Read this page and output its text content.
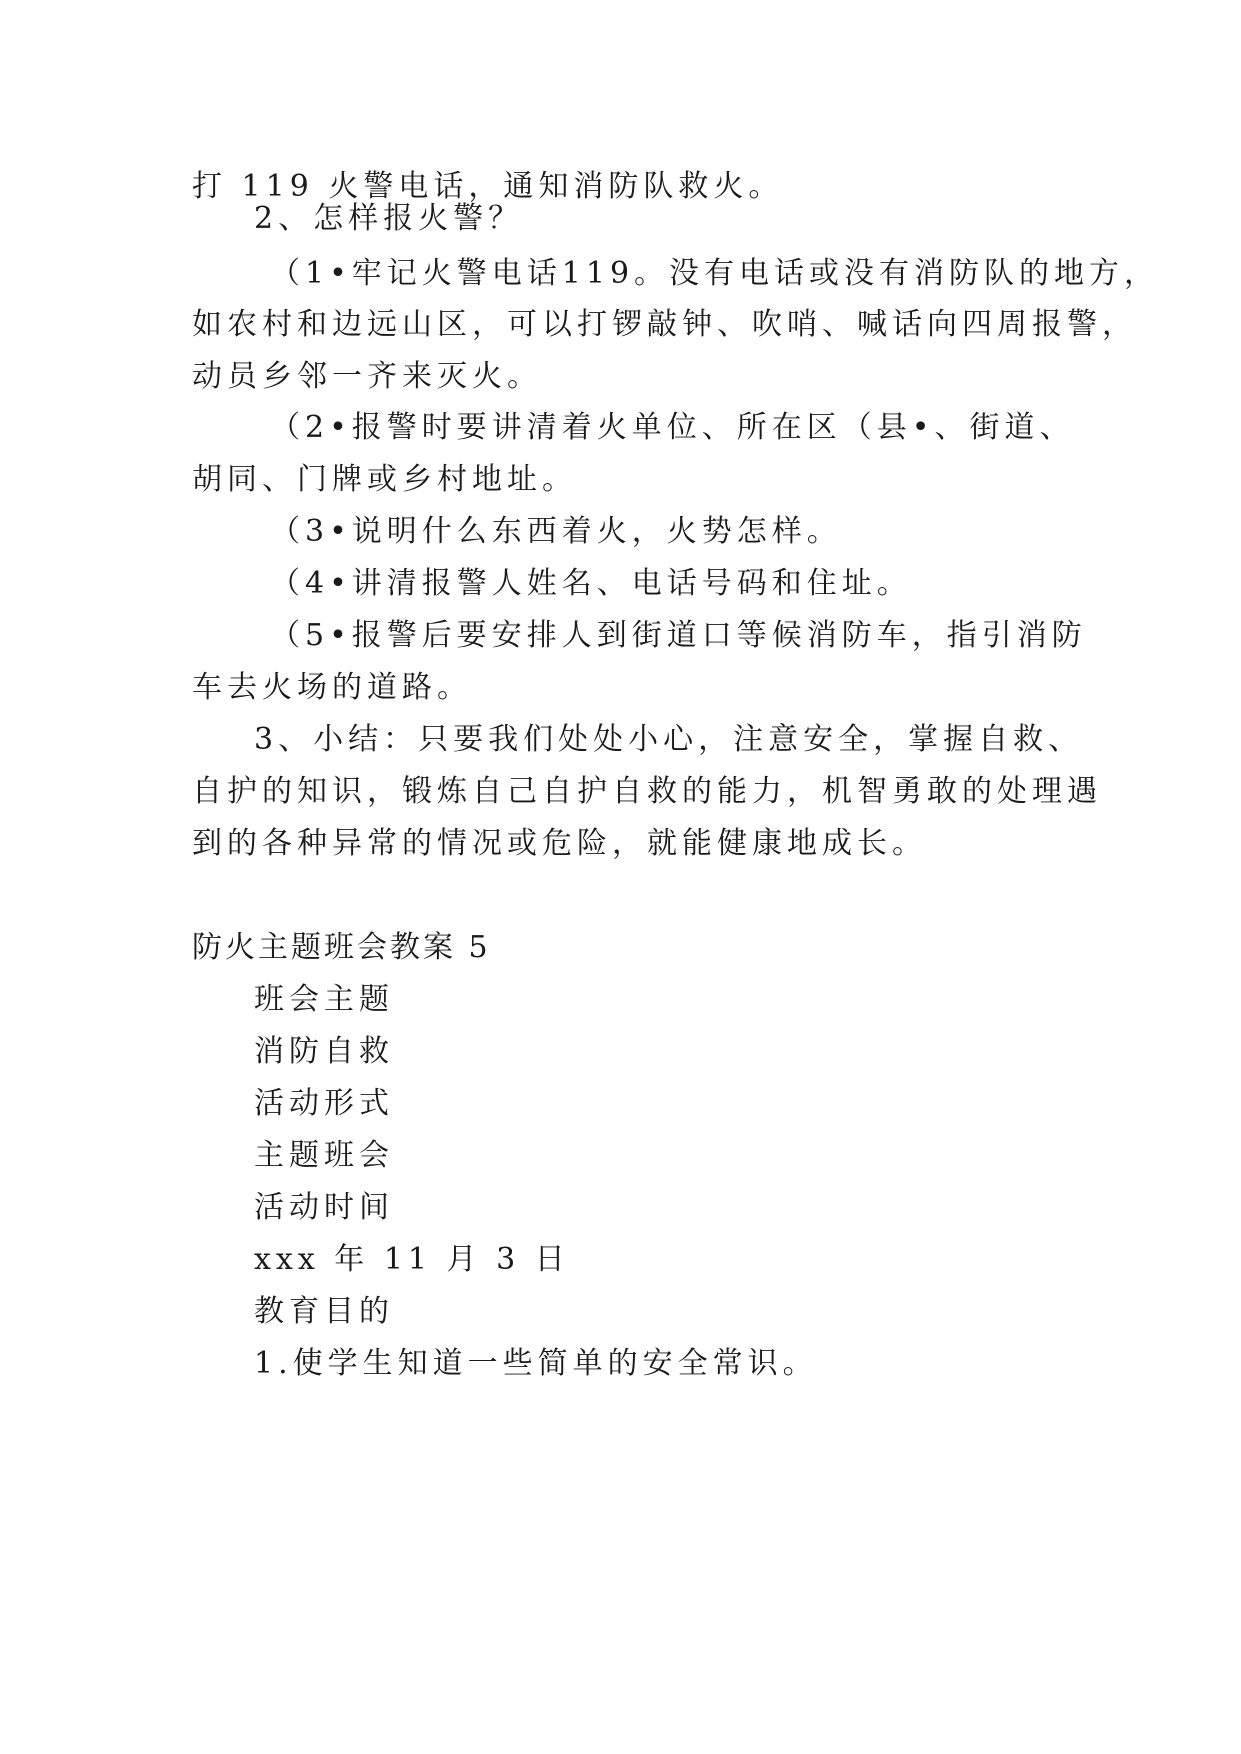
打 119 火警电话，通知消防队救火。
2、怎样报火警？
（1•牢记火警电话119。没有电话或没有消防队的地方，
如农村和边远山区，可以打锣敲钟、吹哨、喊话向四周报警，
动员乡邻一齐来灭火。
（2•报警时要讲清着火单位、所在区（县•、街道、
胡同、门牌或乡村地址。
（3•说明什么东西着火，火势怎样。
（4•讲清报警人姓名、电话号码和住址。
（5•报警后要安排人到街道口等候消防车，指引消防
车去火场的道路。
3、小结：只要我们处处小心，注意安全，掌握自救、
自护的知识，锻炼自己自护自救的能力，机智勇敢的处理遇
到的各种异常的情况或危险，就能健康地成长。
防火主题班会教案 5
班会主题
消防自救
活动形式
主题班会
活动时间
xxx 年 11 月 3 日
教育目的
1.使学生知道一些简单的安全常识。
